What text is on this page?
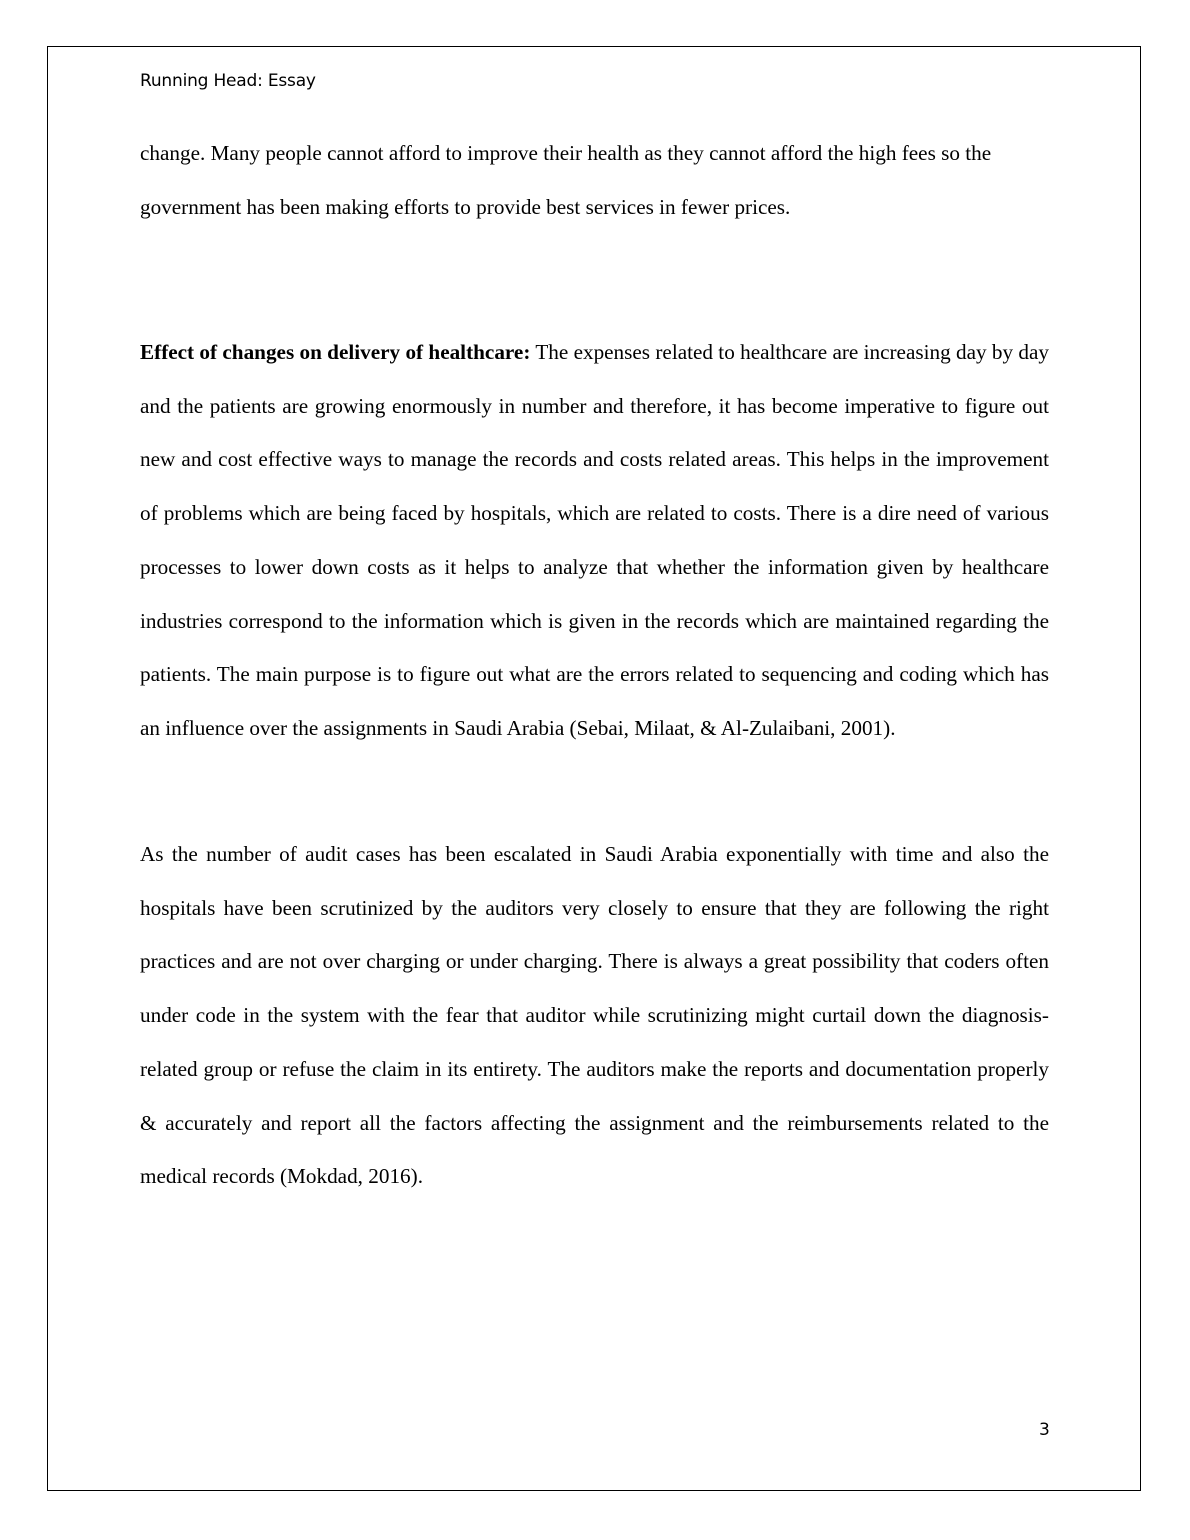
Running Head: Essay

change. Many people cannot afford to improve their health as they cannot afford the high fees so the government has been making efforts to provide best services in fewer prices.

Effect of changes on delivery of healthcare: The expenses related to healthcare are increasing day by day and the patients are growing enormously in number and therefore, it has become imperative to figure out new and cost effective ways to manage the records and costs related areas. This helps in the improvement of problems which are being faced by hospitals, which are related to costs. There is a dire need of various processes to lower down costs as it helps to analyze that whether the information given by healthcare industries correspond to the information which is given in the records which are maintained regarding the patients. The main purpose is to figure out what are the errors related to sequencing and coding which has an influence over the assignments in Saudi Arabia (Sebai, Milaat, & Al-Zulaibani, 2001).

As the number of audit cases has been escalated in Saudi Arabia exponentially with time and also the hospitals have been scrutinized by the auditors very closely to ensure that they are following the right practices and are not over charging or under charging. There is always a great possibility that coders often under code in the system with the fear that auditor while scrutinizing might curtail down the diagnosis-related group or refuse the claim in its entirety. The auditors make the reports and documentation properly & accurately and report all the factors affecting the assignment and the reimbursements related to the medical records (Mokdad, 2016).

3
